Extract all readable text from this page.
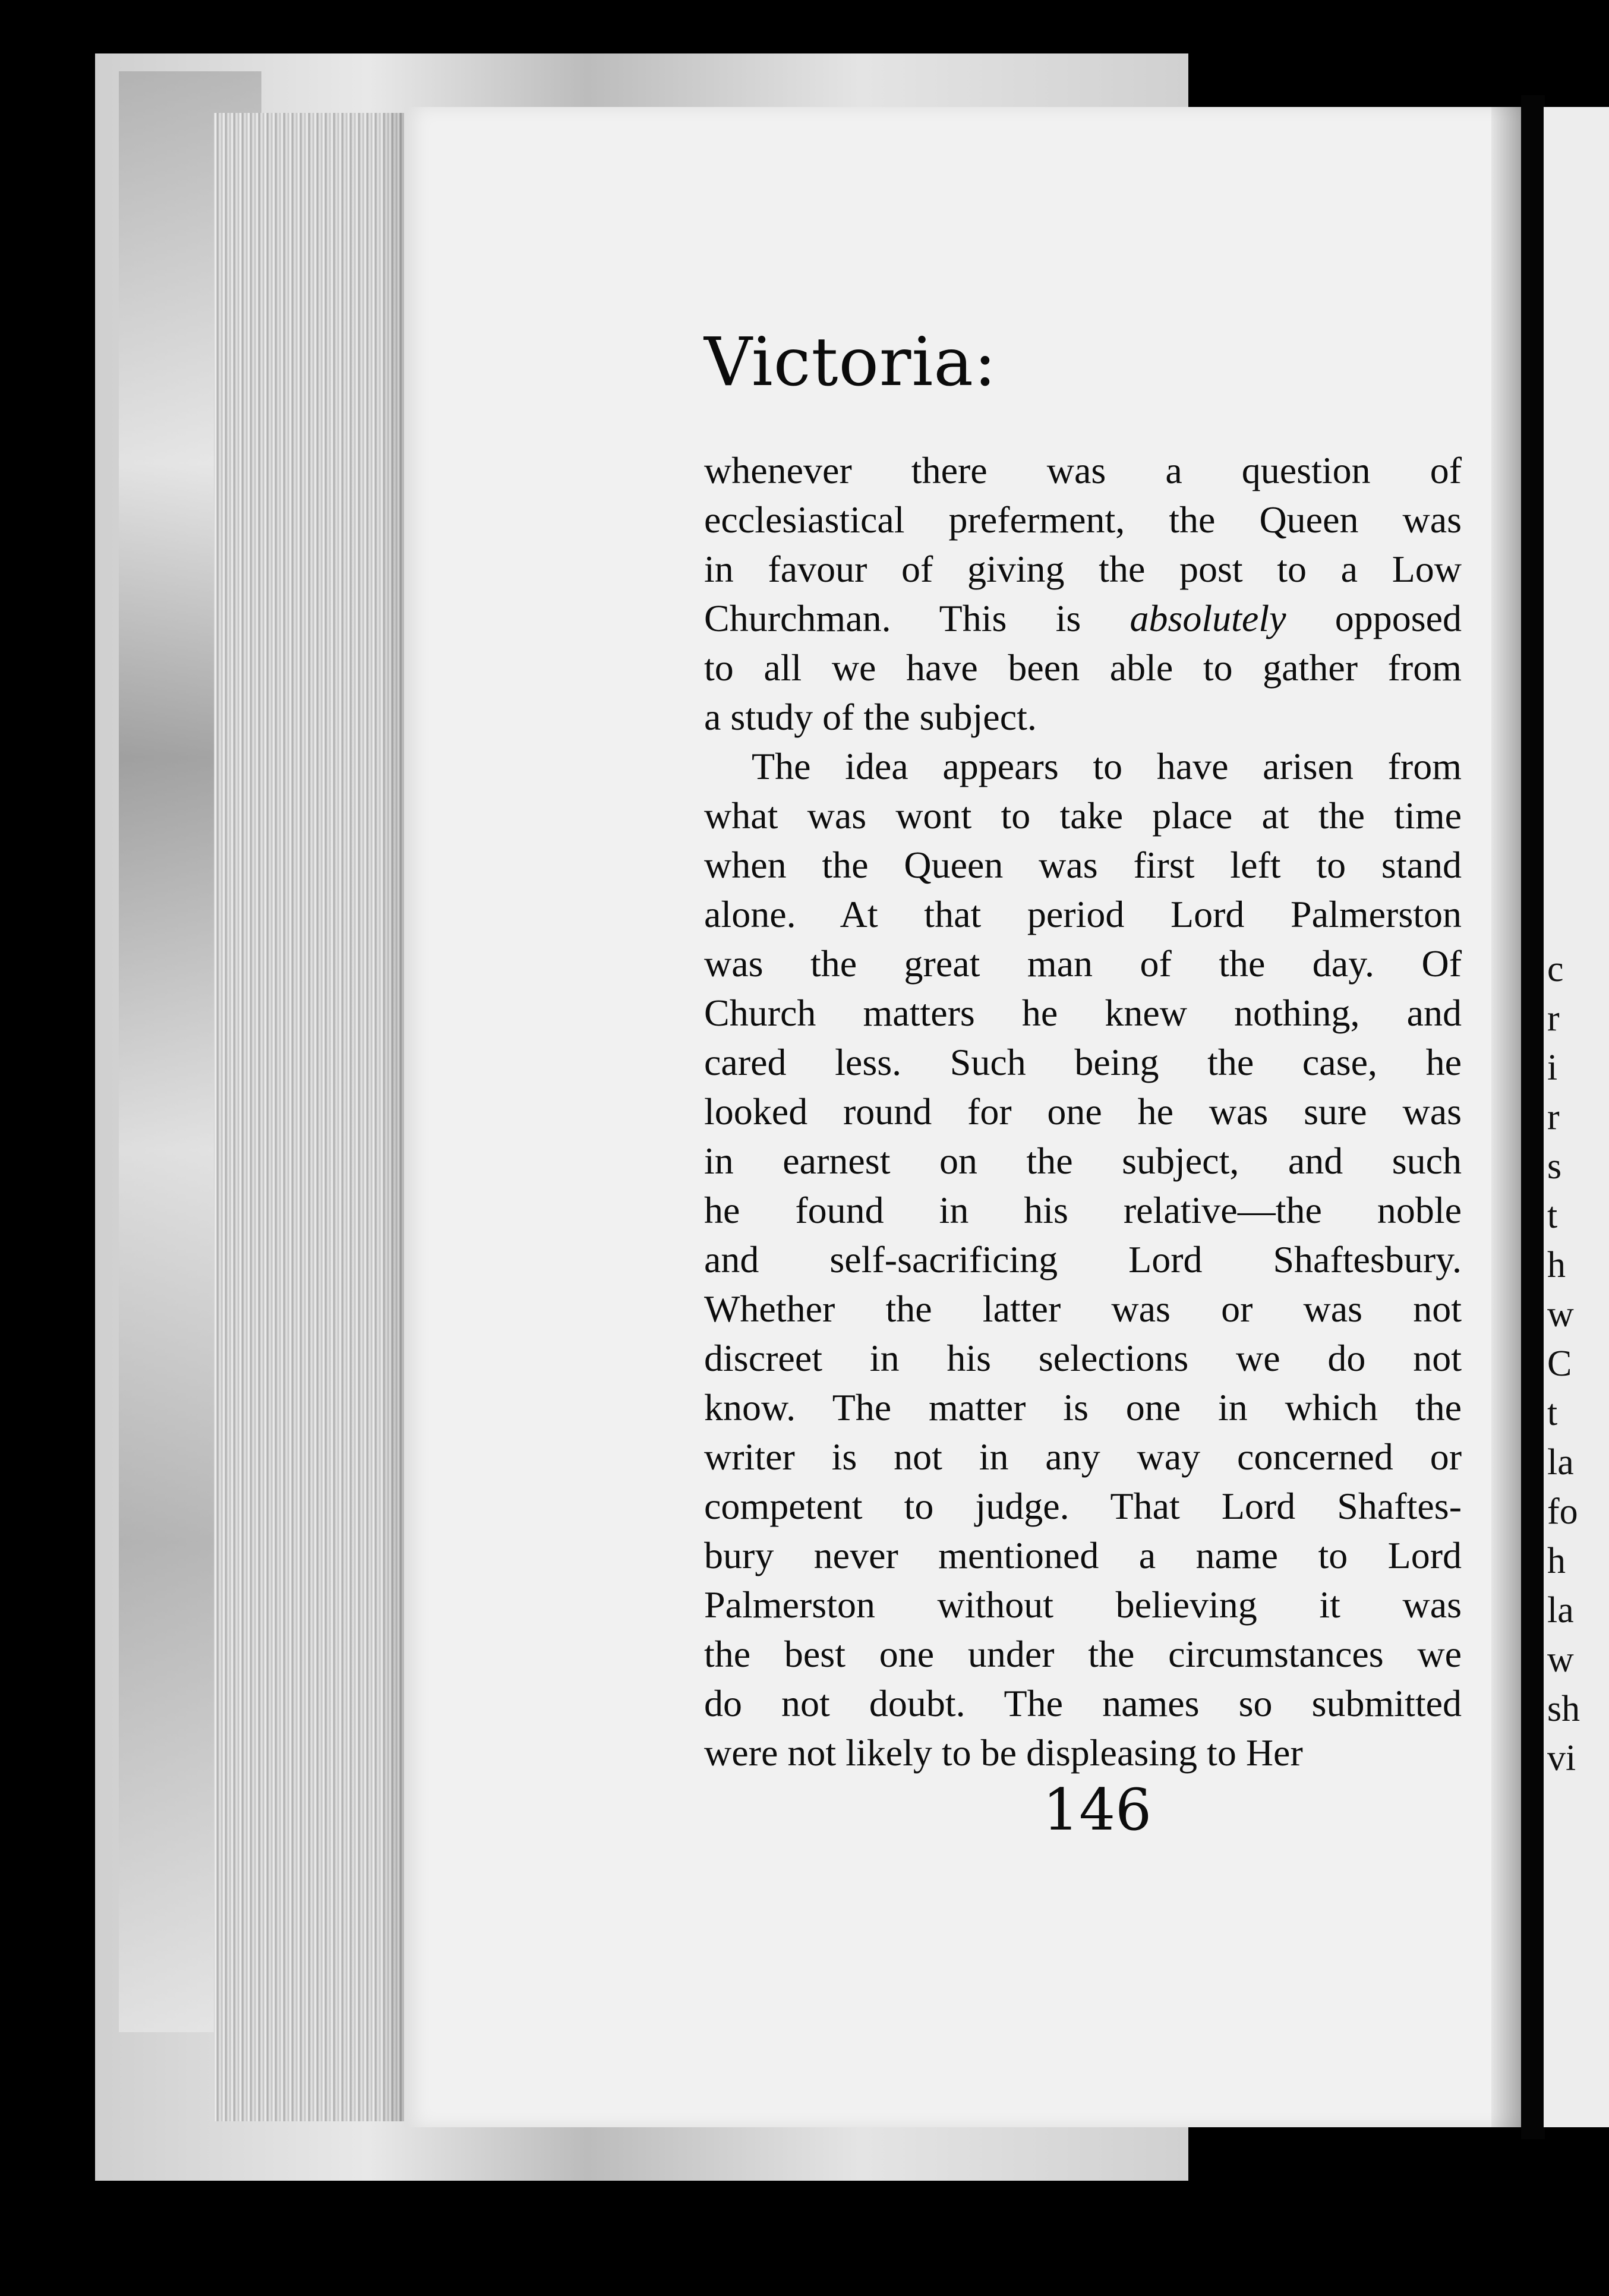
c
r
i
r
s
t
h
w
C
t
la
fo
h
la
w
sh
vi
Victoria:
whenever there was a question of
ecclesiastical preferment, the Queen was
in favour of giving the post to a Low
Churchman. This is absolutely opposed
to all we have been able to gather from
a study of the subject.
The idea appears to have arisen from
what was wont to take place at the time
when the Queen was first left to stand
alone. At that period Lord Palmerston
was the great man of the day. Of
Church matters he knew nothing, and
cared less. Such being the case, he
looked round for one he was sure was
in earnest on the subject, and such
he found in his relative—the noble
and self-sacrificing Lord Shaftesbury.
Whether the latter was or was not
discreet in his selections we do not
know. The matter is one in which the
writer is not in any way concerned or
competent to judge. That Lord Shaftes-
bury never mentioned a name to Lord
Palmerston without believing it was
the best one under the circumstances we
do not doubt. The names so submitted
were not likely to be displeasing to Her
146
